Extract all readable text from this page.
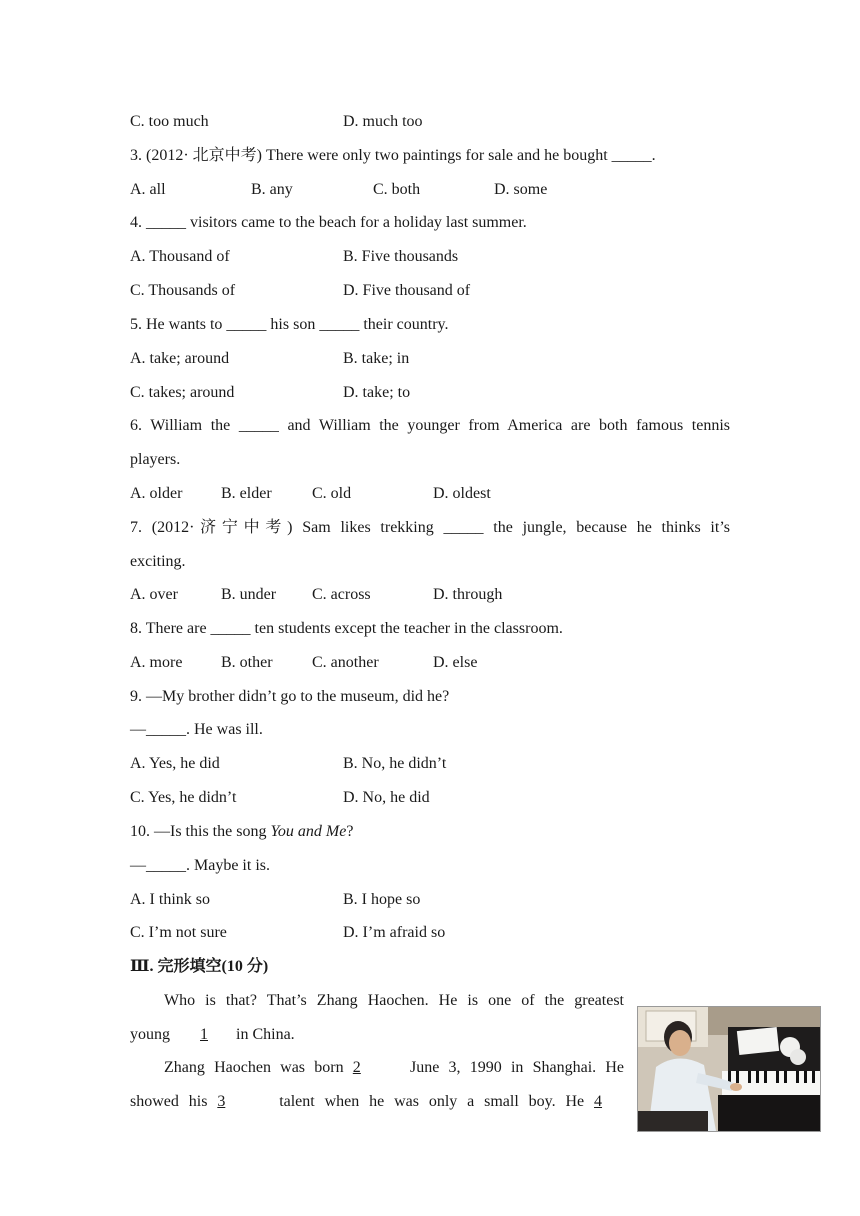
C. too much	D. much too
3. (2012· 北京中考) There were only two paintings for sale and he bought _____.
A. all	B. any	C. both	D. some
4. _____ visitors came to the beach for a holiday last summer.
A. Thousand of	B. Five thousands
C. Thousands of	D. Five thousand of
5. He wants to _____ his son _____ their country.
A. take; around	B. take; in
C. takes; around	D. take; to
6. William the _____ and William the younger from America are both famous tennis
players.
A. older B. elder	C. old	D. oldest
7. (2012·济宁中考) Sam likes trekking _____ the jungle, because he thinks it’s
exciting.
A. over	B. under C. across	D. through
8. There are _____ ten students except the teacher in the classroom.
A. more B. other C. another	D. else
9. —My brother didn’t go to the museum, did he?
—_____. He was ill.
A. Yes, he did	B. No, he didn’t
C. Yes, he didn’t	D. No, he did
10. —Is this the song You and Me?
—_____. Maybe it is.
A. I think so	B. I hope so
C. I’m not sure	D. I’m afraid so
Ⅲ. 完形填空(10 分)
Who is that? That’s Zhang Haochen. He is one of the greatest
young 1 in China.
Zhang Haochen was born 2	June 3, 1990 in Shanghai. He
showed his 3	talent when he was only a small boy. He 4
